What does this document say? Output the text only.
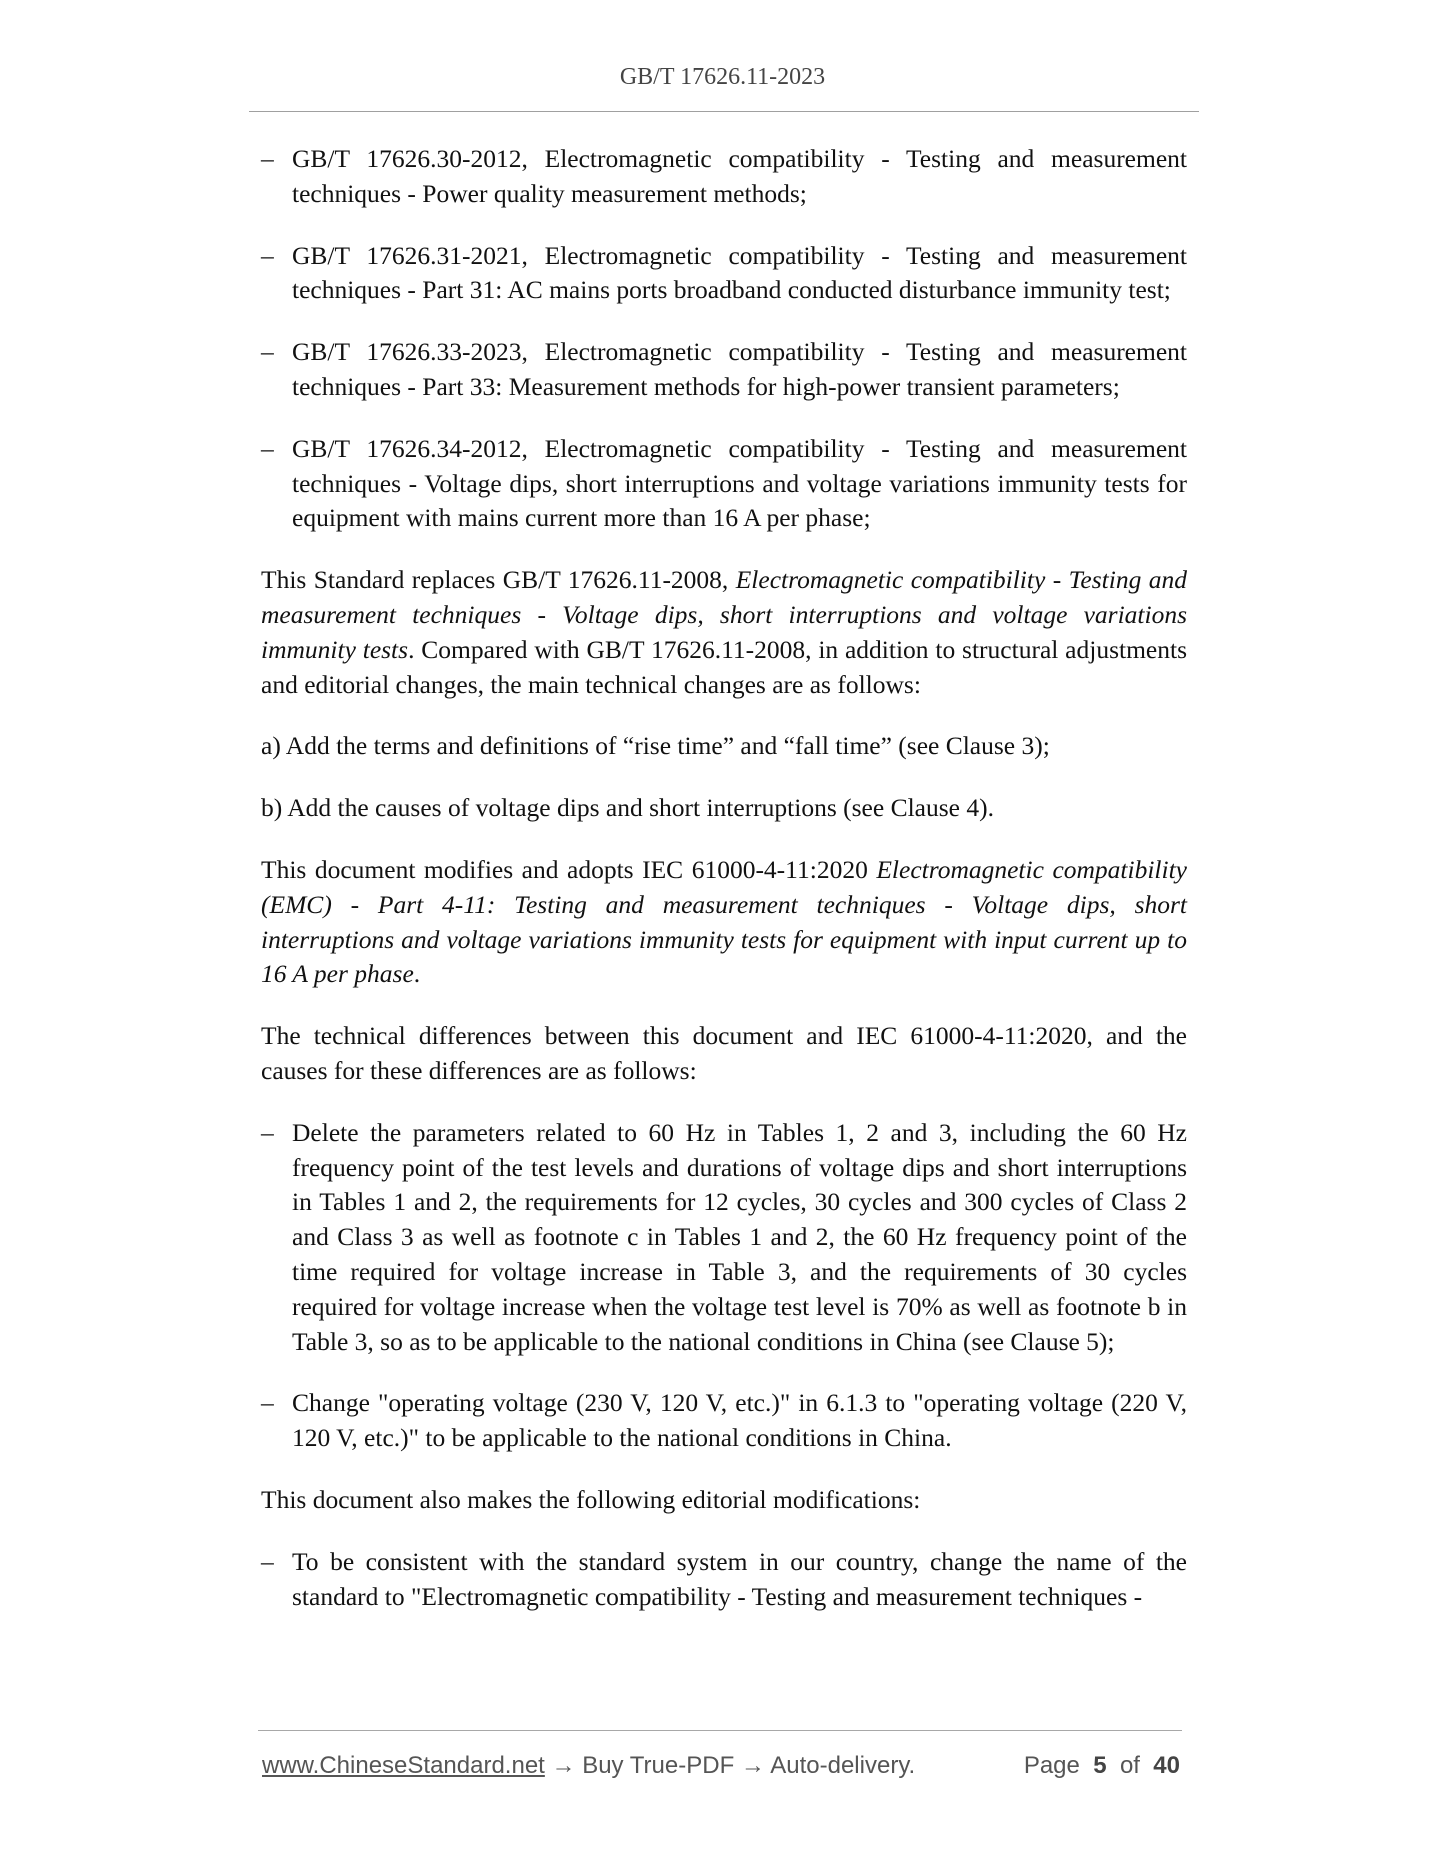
GB/T 17626.11-2023
– GB/T 17626.30-2012, Electromagnetic compatibility - Testing and measurement techniques - Power quality measurement methods;
– GB/T 17626.31-2021, Electromagnetic compatibility - Testing and measurement techniques - Part 31: AC mains ports broadband conducted disturbance immunity test;
– GB/T 17626.33-2023, Electromagnetic compatibility - Testing and measurement techniques - Part 33: Measurement methods for high-power transient parameters;
– GB/T 17626.34-2012, Electromagnetic compatibility - Testing and measurement techniques - Voltage dips, short interruptions and voltage variations immunity tests for equipment with mains current more than 16 A per phase;
This Standard replaces GB/T 17626.11-2008, Electromagnetic compatibility - Testing and measurement techniques - Voltage dips, short interruptions and voltage variations immunity tests. Compared with GB/T 17626.11-2008, in addition to structural adjustments and editorial changes, the main technical changes are as follows:
a) Add the terms and definitions of “rise time” and “fall time” (see Clause 3);
b) Add the causes of voltage dips and short interruptions (see Clause 4).
This document modifies and adopts IEC 61000-4-11:2020 Electromagnetic compatibility (EMC) - Part 4-11: Testing and measurement techniques - Voltage dips, short interruptions and voltage variations immunity tests for equipment with input current up to 16 A per phase.
The technical differences between this document and IEC 61000-4-11:2020, and the causes for these differences are as follows:
– Delete the parameters related to 60 Hz in Tables 1, 2 and 3, including the 60 Hz frequency point of the test levels and durations of voltage dips and short interruptions in Tables 1 and 2, the requirements for 12 cycles, 30 cycles and 300 cycles of Class 2 and Class 3 as well as footnote c in Tables 1 and 2, the 60 Hz frequency point of the time required for voltage increase in Table 3, and the requirements of 30 cycles required for voltage increase when the voltage test level is 70% as well as footnote b in Table 3, so as to be applicable to the national conditions in China (see Clause 5);
– Change "operating voltage (230 V, 120 V, etc.)" in 6.1.3 to "operating voltage (220 V, 120 V, etc.)" to be applicable to the national conditions in China.
This document also makes the following editorial modifications:
– To be consistent with the standard system in our country, change the name of the standard to "Electromagnetic compatibility - Testing and measurement techniques -
www.ChineseStandard.net → Buy True-PDF → Auto-delivery.	Page 5 of 40
